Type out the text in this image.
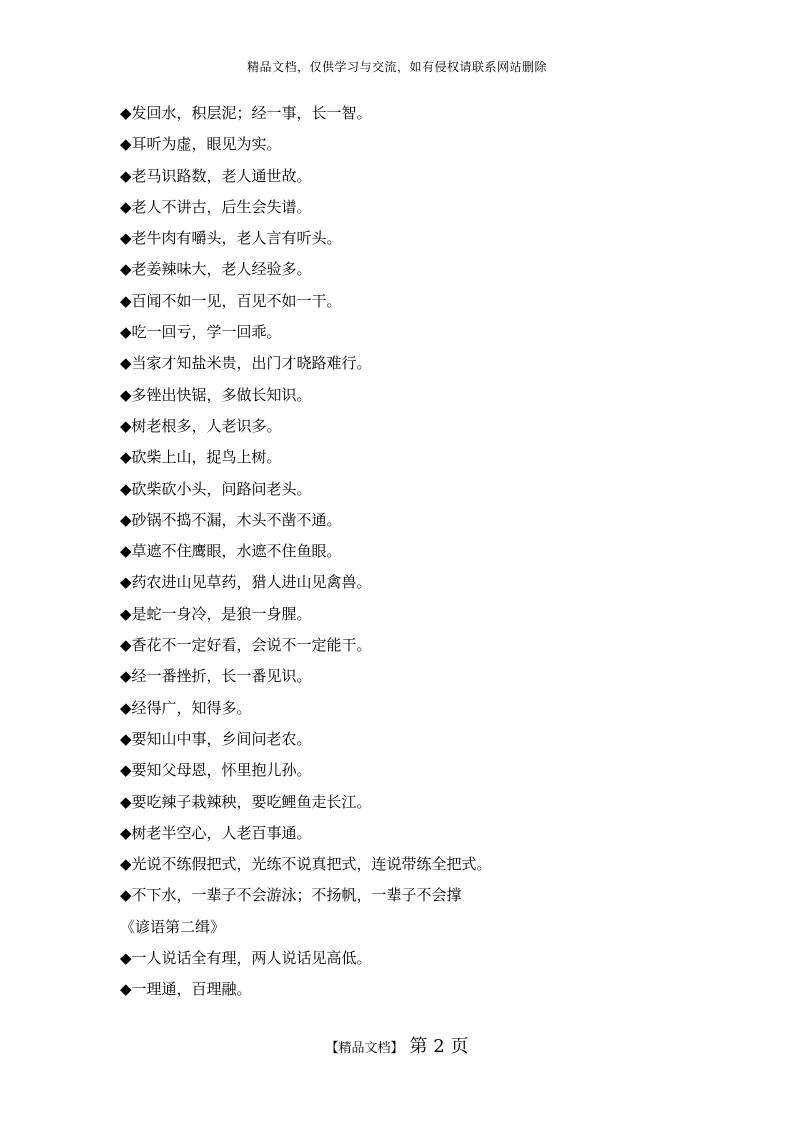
精品文档，仅供学习与交流，如有侵权请联系网站删除
◆发回水，积层泥；经一事，长一智。
◆耳听为虚，眼见为实。
◆老马识路数，老人通世故。
◆老人不讲古，后生会失谱。
◆老牛肉有嚼头，老人言有听头。
◆老姜辣味大，老人经验多。
◆百闻不如一见，百见不如一干。
◆吃一回亏，学一回乖。
◆当家才知盐米贵，出门才晓路难行。
◆多锉出快锯，多做长知识。
◆树老根多，人老识多。
◆砍柴上山，捉鸟上树。
◆砍柴砍小头，问路问老头。
◆砂锅不捣不漏，木头不凿不通。
◆草遮不住鹰眼，水遮不住鱼眼。
◆药农进山见草药，猎人进山见禽兽。
◆是蛇一身冷，是狼一身腥。
◆香花不一定好看，会说不一定能干。
◆经一番挫折，长一番见识。
◆经得广，知得多。
◆要知山中事，乡间问老农。
◆要知父母恩，怀里抱儿孙。
◆要吃辣子栽辣秧，要吃鲤鱼走长江。
◆树老半空心，人老百事通。
◆光说不练假把式，光练不说真把式，连说带练全把式。
◆不下水，一辈子不会游泳；不扬帆，一辈子不会撑
《谚语第二缉》
◆一人说话全有理，两人说话见高低。
◆一理通，百理融。
【精品文档】 第 2 页
